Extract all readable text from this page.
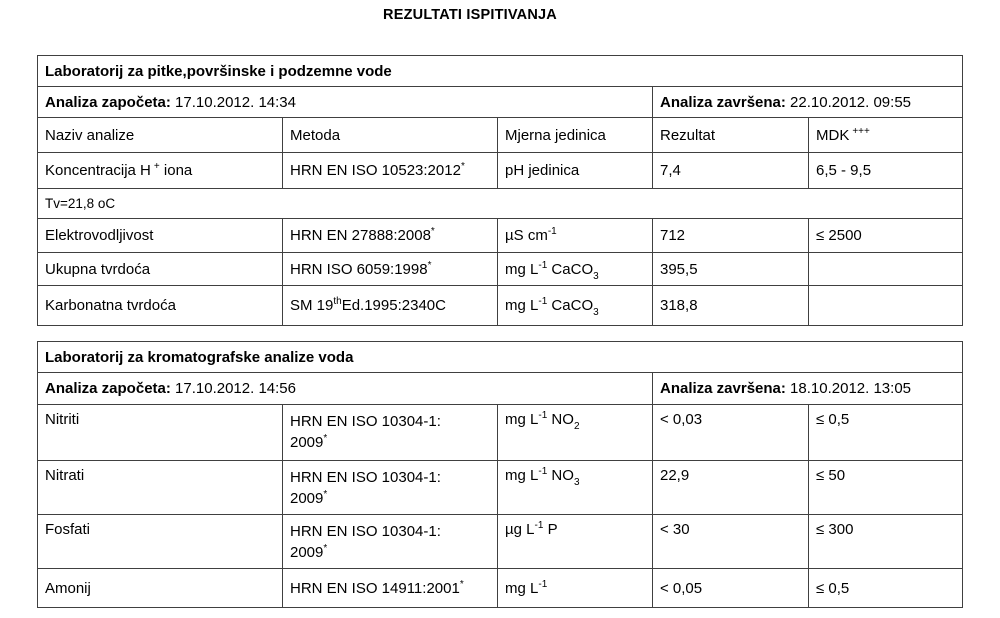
REZULTATI ISPITIVANJA
Laboratorij za pitke,površinske i podzemne vode				
Analiza započeta: 17.10.2012. 14:34			Analiza završena: 22.10.2012. 09:55	
Naziv analize	Metoda	Mjerna jedinica	Rezultat	MDK +++
Koncentracija H + iona	HRN EN ISO 10523:2012*	pH jedinica	7,4	6,5 - 9,5
Tv=21,8 oC				
Elektrovodljivost	HRN EN 27888:2008*	µS $cm^{-1}$	712	≤ 2500
Ukupna tvrdoća	HRN ISO 6059:1998*	mg $L^{-1}$ CaCO$_3$	395,5	
Karbonatna tvrdoća	SM 19thEd.1995:2340C	mg $L^{-1}$ CaCO$_3$	318,8	
Laboratorij za kromatografske analize voda				
Analiza započeta: 17.10.2012. 14:56			Analiza završena: 18.10.2012. 13:05	
Nitriti	HRN EN ISO 10304-1:
2009*	mg $L^{-1}$ $NO_2$	< 0,03	≤ 0,5
Nitrati	HRN EN ISO 10304-1:
2009*	mg $L^{-1}$ $NO_3$	22,9	≤ 50
Fosfati	HRN EN ISO 10304-1:
2009*	µg $L^{-1}$ P	< 30	≤ 300
Amonij	HRN EN ISO 14911:2001*	mg $L^{-1}$	< 0,05	≤ 0,5
